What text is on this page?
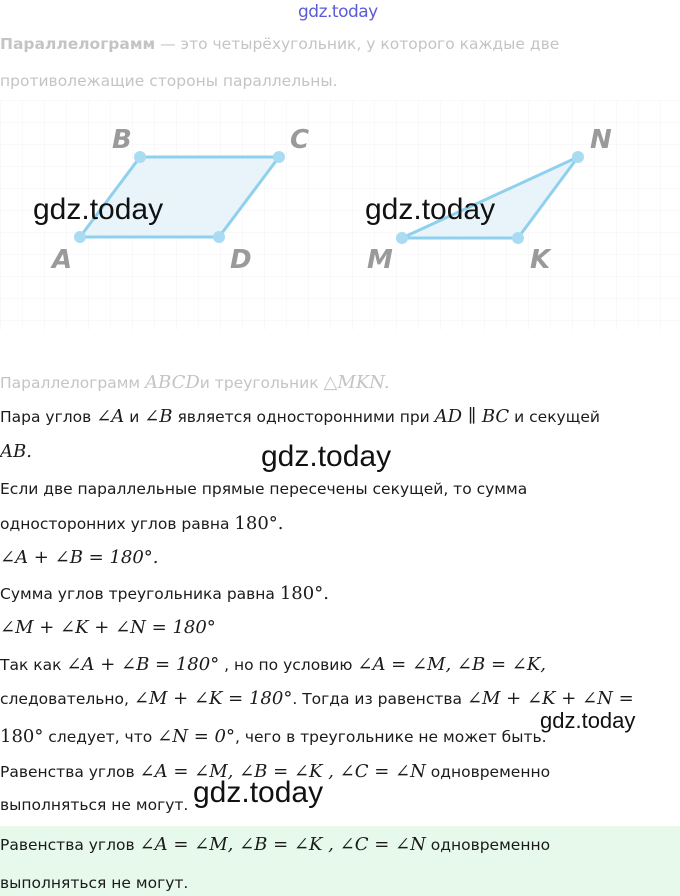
gdz.today
Параллелограмм — это четырёхугольник, у которого каждые две
противолежащие стороны параллельны.
B	C
A	D
N
M	K
gdz.today	gdz.today
Параллелограмм ABCDи треугольник △MKN.
Пара углов ∠A и ∠B является односторонними при AD ∥ BC и секущей
AB.	gdz.today
Если две параллельные прямые пересечены секущей, то сумма
односторонних углов равна 180°.
∠A + ∠B = 180°.
Сумма углов треугольника равна 180°.
∠M + ∠K + ∠N = 180°
Так как ∠A + ∠B = 180° , но по условию ∠A = ∠M, ∠B = ∠K,
следовательно, ∠M + ∠K = 180°. Тогда из равенства ∠M + ∠K + ∠N =
gdz.today
180° следует, что ∠N = 0°, чего в треугольнике не может быть.
Равенства углов ∠A = ∠M, ∠B = ∠K , ∠C = ∠N одновременно
выполняться не могут. gdz.today
Равенства углов ∠A = ∠M, ∠B = ∠K , ∠C = ∠N одновременно
выполняться не могут.
